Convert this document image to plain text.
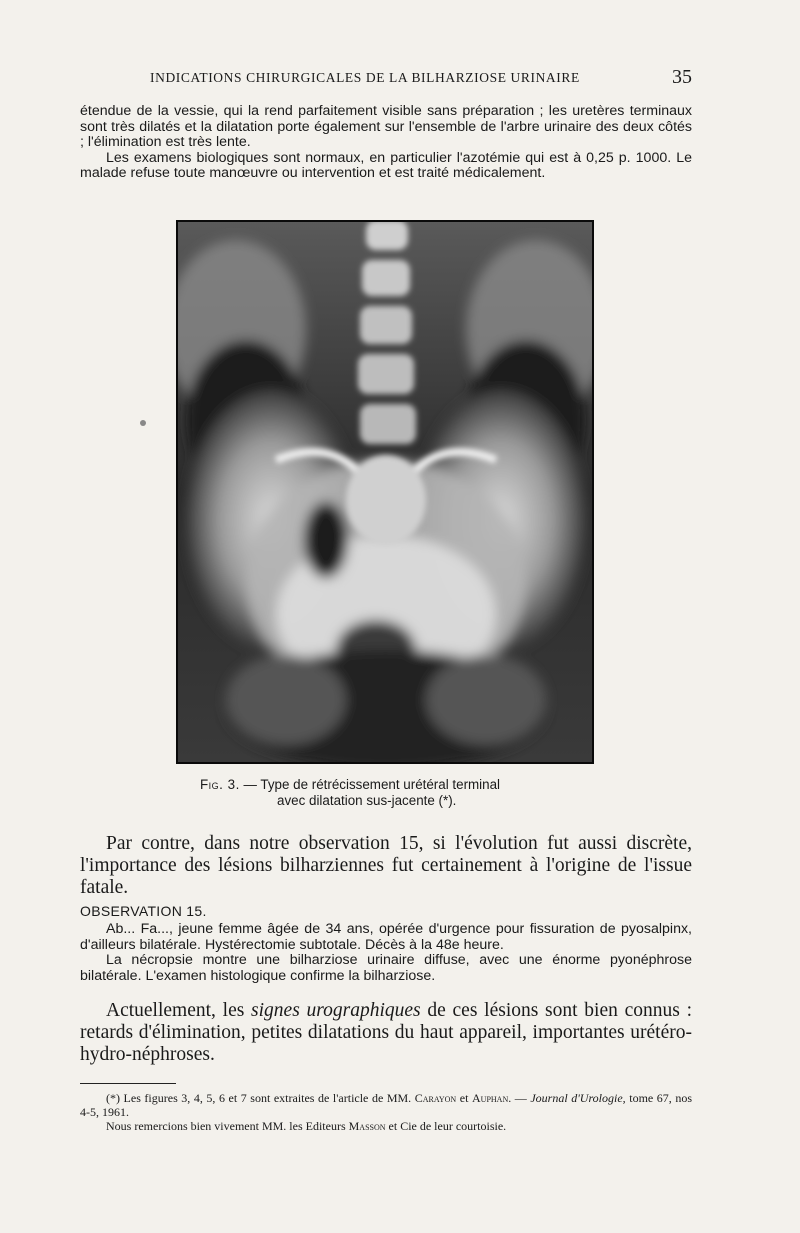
INDICATIONS CHIRURGICALES DE LA BILHARZIOSE URINAIRE	35

étendue de la vessie, qui la rend parfaitement visible sans préparation ; les uretères terminaux sont très dilatés et la dilatation porte également sur l'ensemble de l'arbre urinaire des deux côtés ; l'élimination est très lente.

Les examens biologiques sont normaux, en particulier l'azotémie qui est à 0,25 p. 1000. Le malade refuse toute manœuvre ou intervention et est traité médicalement.

Fig. 3. — Type de rétrécissement urétéral terminal
avec dilatation sus-jacente (*).

Par contre, dans notre observation 15, si l'évolution fut aussi discrète, l'importance des lésions bilharziennes fut certainement à l'origine de l'issue fatale.

OBSERVATION 15.

Ab... Fa..., jeune femme âgée de 34 ans, opérée d'urgence pour fissuration de pyosalpinx, d'ailleurs bilatérale. Hystérectomie subtotale. Décès à la 48e heure.

La nécropsie montre une bilharziose urinaire diffuse, avec une énorme pyonéphrose bilatérale. L'examen histologique confirme la bilharziose.

Actuellement, les signes urographiques de ces lésions sont bien connus : retards d'élimination, petites dilatations du haut appareil, importantes urétéro-hydro-néphroses.

(*) Les figures 3, 4, 5, 6 et 7 sont extraites de l'article de MM. Carayon et Auphan. — Journal d'Urologie, tome 67, nos 4-5, 1961.

Nous remercions bien vivement MM. les Editeurs Masson et Cie de leur courtoisie.
